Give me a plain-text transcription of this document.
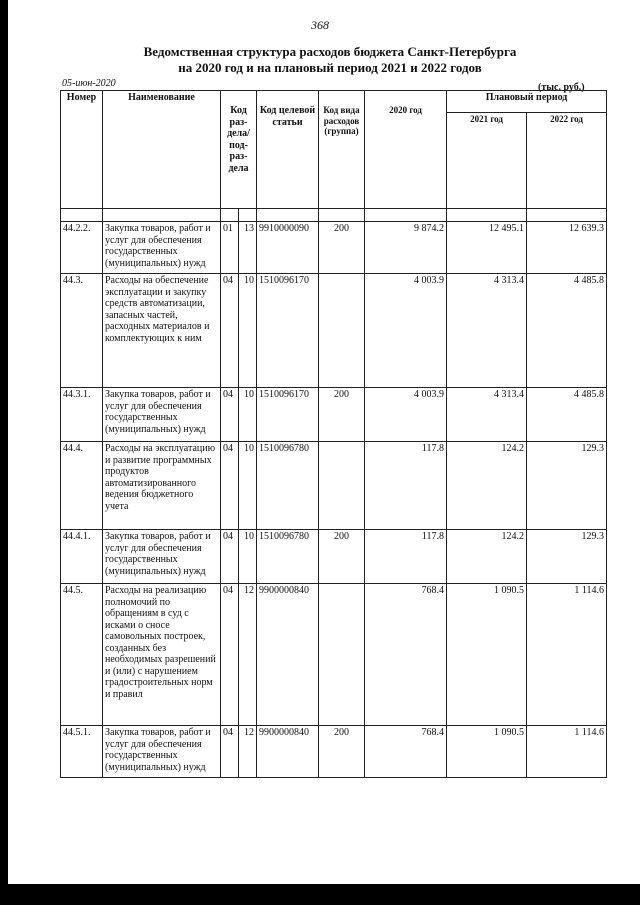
368
Ведомственная структура расходов бюджета Санкт-Петербурга
на 2020 год и на плановый период 2021 и 2022 годов
05-июн-2020	(тыс. руб.)
Номер	Наименование	Код раз- дела/ под- раз- дела		Код целевой статьи	Код вида расходов (группа)	2020 год	Плановый период	
							2021 год	2022 год

44.2.2.	Закупка товаров, работ и услуг для обеспечения государственных (муниципальных) нужд	01	13	9910000090	200	9 874.2	12 495.1	12 639.3
44.3.	Расходы на обеспечение эксплуатации и закупку средств автоматизации, запасных частей, расходных материалов и комплектующих к ним	04	10	1510096170		4 003.9	4 313.4	4 485.8
44.3.1.	Закупка товаров, работ и услуг для обеспечения государственных (муниципальных) нужд	04	10	1510096170	200	4 003.9	4 313.4	4 485.8
44.4.	Расходы на эксплуатацию и развитие программных продуктов автоматизированного ведения бюджетного учета	04	10	1510096780		117.8	124.2	129.3
44.4.1.	Закупка товаров, работ и услуг для обеспечения государственных (муниципальных) нужд	04	10	1510096780	200	117.8	124.2	129.3
44.5.	Расходы на реализацию полномочий по обращениям в суд с исками о сносе самовольных построек, созданных без необходимых разрешений и (или) с нарушением градостроительных норм и правил	04	12	9900000840		768.4	1 090.5	1 114.6
44.5.1.	Закупка товаров, работ и услуг для обеспечения государственных (муниципальных) нужд	04	12	9900000840	200	768.4	1 090.5	1 114.6
